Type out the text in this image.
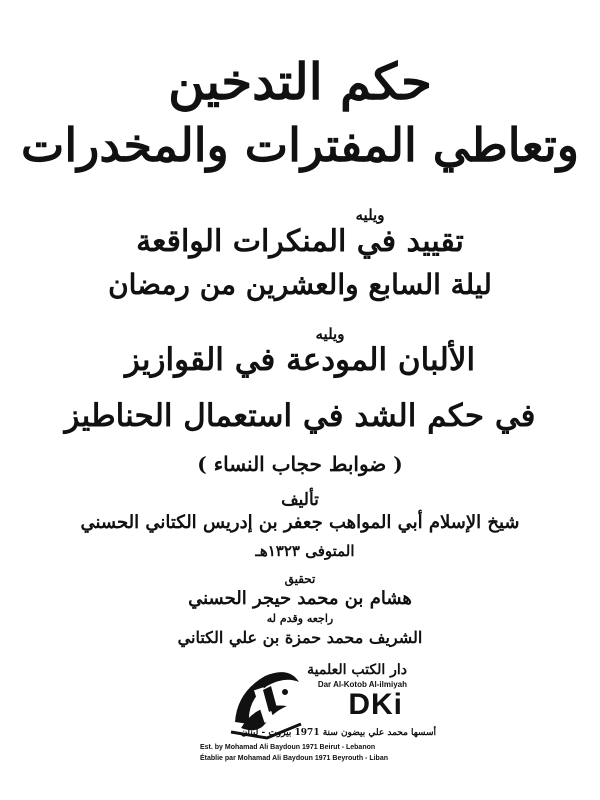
حكم التدخين
وتعاطي المفترات والمخدرات
ويليه
تقييد في المنكرات الواقعة
ليلة السابع والعشرين من رمضان
ويليه
الألبان المودعة في القوازيز
في حكم الشد في استعمال الحناطيز
( ضوابط حجاب النساء )
تأليف
شيخ الإسلام أبي المواهب جعفر بن إدريس الكتاني الحسني
المتوفى ١٣٢٣هـ
تحقيق
هشام بن محمد حيجر الحسني
راجعه وقدم له
الشريف محمد حمزة بن علي الكتاني
دار الكتب العلمية
Dar Al-Kotob Al-ilmiyah
DKi
أسسها محمد علي بيضون سنة 1971 بيروت - لبنان
Est. by Mohamad Ali Baydoun 1971 Beirut - Lebanon
Établie par Mohamad Ali Baydoun 1971 Beyrouth - Liban
